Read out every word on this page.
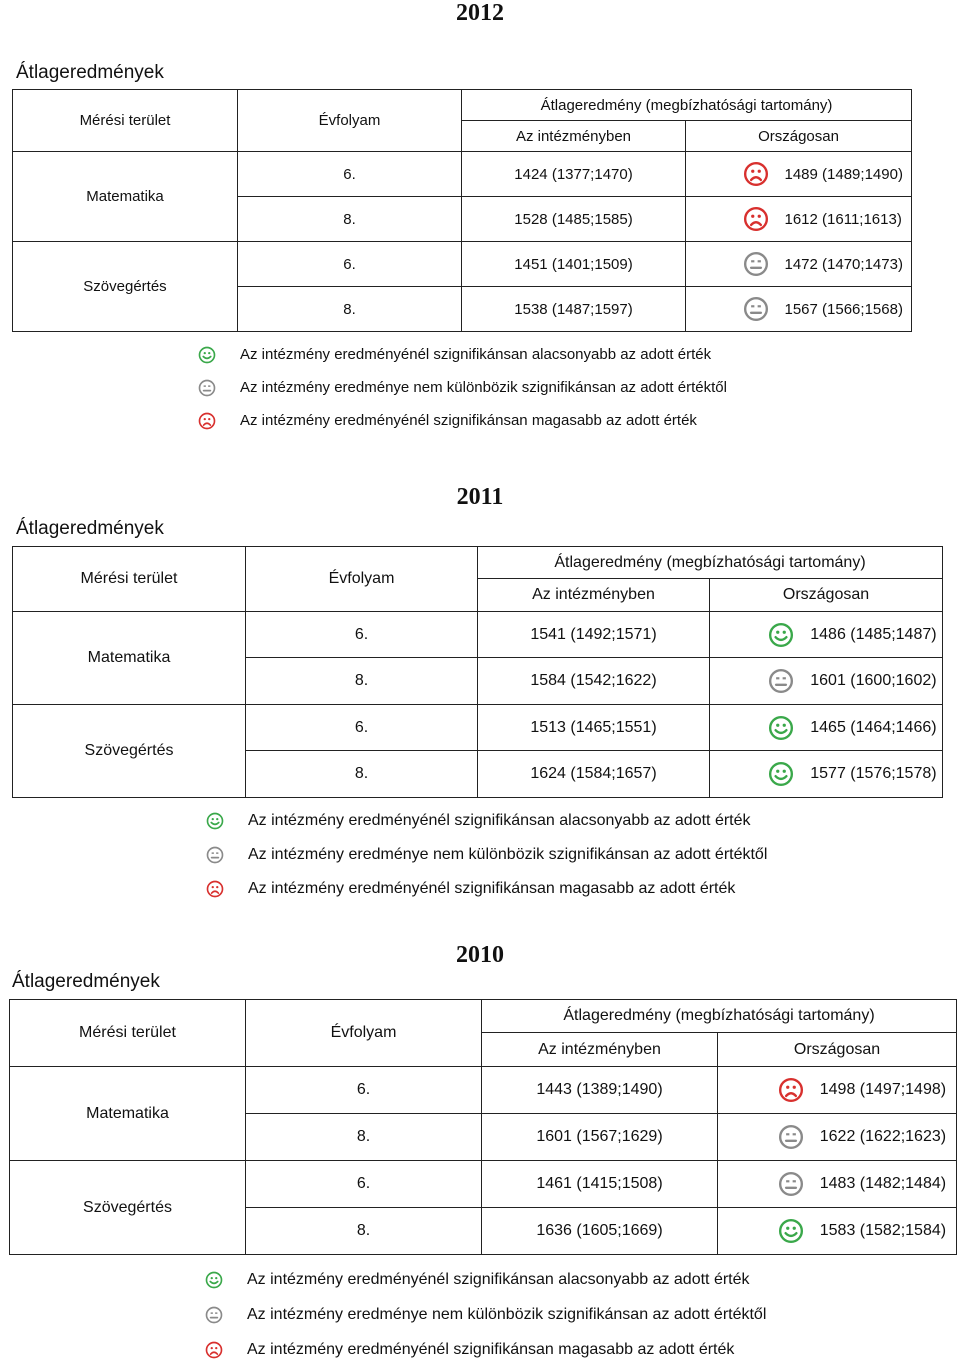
2012
Átlageredmények
Mérési terület	Évfolyam	Átlageredmény (megbízhatósági tartomány)	
		Az intézményben	Országosan
Matematika	6.	1424 (1377;1470)	1489 (1489;1490)

	8.	1528 (1485;1585)	1612 (1611;1613)

Szövegértés	6.	1451 (1401;1509)	1472 (1470;1473)

	8.	1538 (1487;1597)	1567 (1566;1568)
Az intézmény eredményénél szignifikánsan alacsonyabb az adott érték
Az intézmény eredménye nem különbözik szignifikánsan az adott értéktől
Az intézmény eredményénél szignifikánsan magasabb az adott érték
2011
Átlageredmények
Mérési terület	Évfolyam	Átlageredmény (megbízhatósági tartomány)	
		Az intézményben	Országosan
Matematika	6.	1541 (1492;1571)	1486 (1485;1487)

	8.	1584 (1542;1622)	1601 (1600;1602)

Szövegértés	6.	1513 (1465;1551)	1465 (1464;1466)

	8.	1624 (1584;1657)	1577 (1576;1578)
Az intézmény eredményénél szignifikánsan alacsonyabb az adott érték
Az intézmény eredménye nem különbözik szignifikánsan az adott értéktől
Az intézmény eredményénél szignifikánsan magasabb az adott érték
2010
Átlageredmények
Mérési terület	Évfolyam	Átlageredmény (megbízhatósági tartomány)	
		Az intézményben	Országosan
Matematika	6.	1443 (1389;1490)	1498 (1497;1498)

	8.	1601 (1567;1629)	1622 (1622;1623)

Szövegértés	6.	1461 (1415;1508)	1483 (1482;1484)

	8.	1636 (1605;1669)	1583 (1582;1584)
Az intézmény eredményénél szignifikánsan alacsonyabb az adott érték
Az intézmény eredménye nem különbözik szignifikánsan az adott értéktől
Az intézmény eredményénél szignifikánsan magasabb az adott érték
